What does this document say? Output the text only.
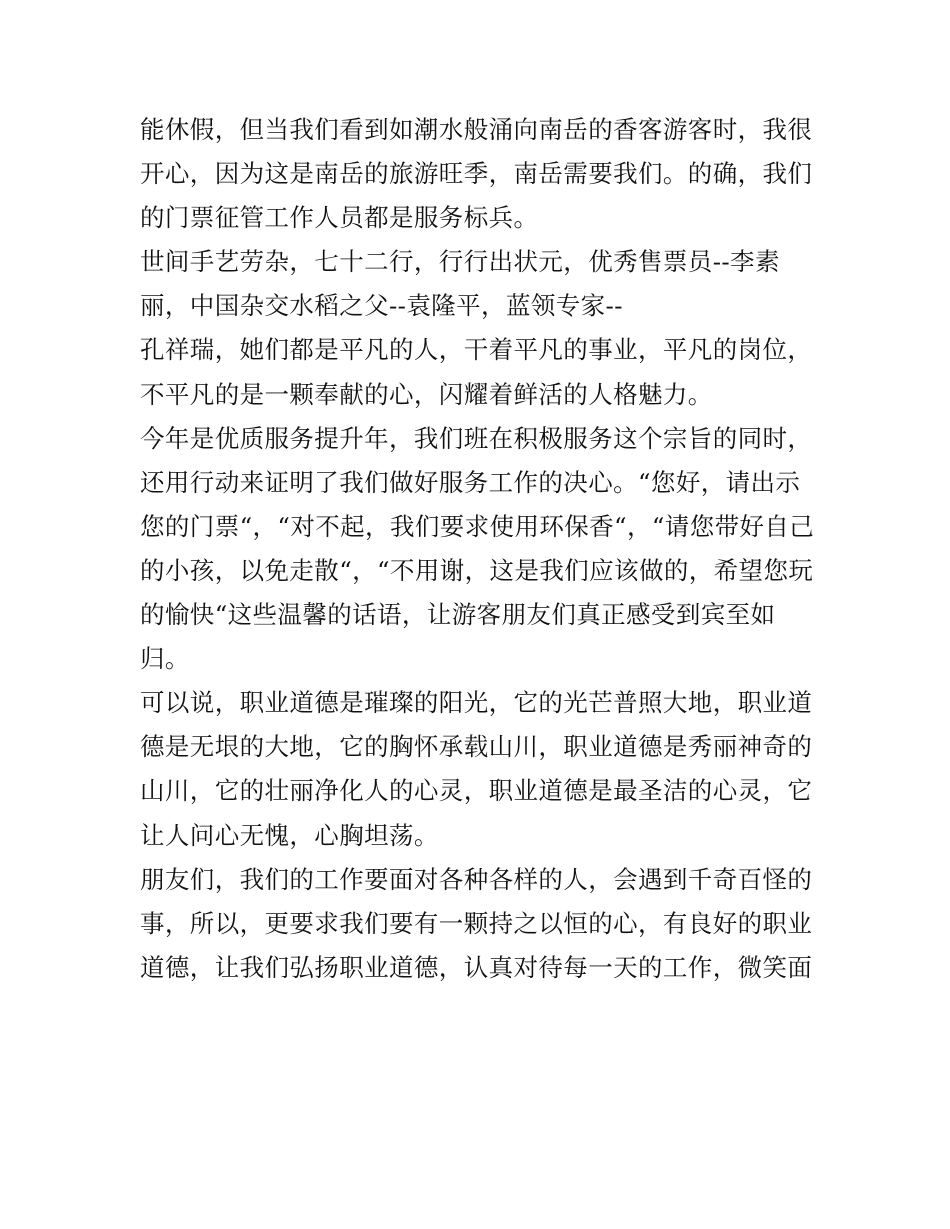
能休假，但当我们看到如潮水般涌向南岳的香客游客时，我很
开心，因为这是南岳的旅游旺季，南岳需要我们。的确，我们
的门票征管工作人员都是服务标兵。
世间手艺劳杂，七十二行，行行出状元，优秀售票员--李素
丽，中国杂交水稻之父--袁隆平，蓝领专家--
孔祥瑞，她们都是平凡的人，干着平凡的事业，平凡的岗位，
不平凡的是一颗奉献的心，闪耀着鲜活的人格魅力。
今年是优质服务提升年，我们班在积极服务这个宗旨的同时，
还用行动来证明了我们做好服务工作的决心。“您好，请出示
您的门票“，“对不起，我们要求使用环保香“，“请您带好自己
的小孩，以免走散“，“不用谢，这是我们应该做的，希望您玩
的愉快“这些温馨的话语，让游客朋友们真正感受到宾至如
归。
可以说，职业道德是璀璨的阳光，它的光芒普照大地，职业道
德是无垠的大地，它的胸怀承载山川，职业道德是秀丽神奇的
山川，它的壮丽净化人的心灵，职业道德是最圣洁的心灵，它
让人问心无愧，心胸坦荡。
朋友们，我们的工作要面对各种各样的人，会遇到千奇百怪的
事，所以，更要求我们要有一颗持之以恒的心，有良好的职业
道德，让我们弘扬职业道德，认真对待每一天的工作，微笑面
